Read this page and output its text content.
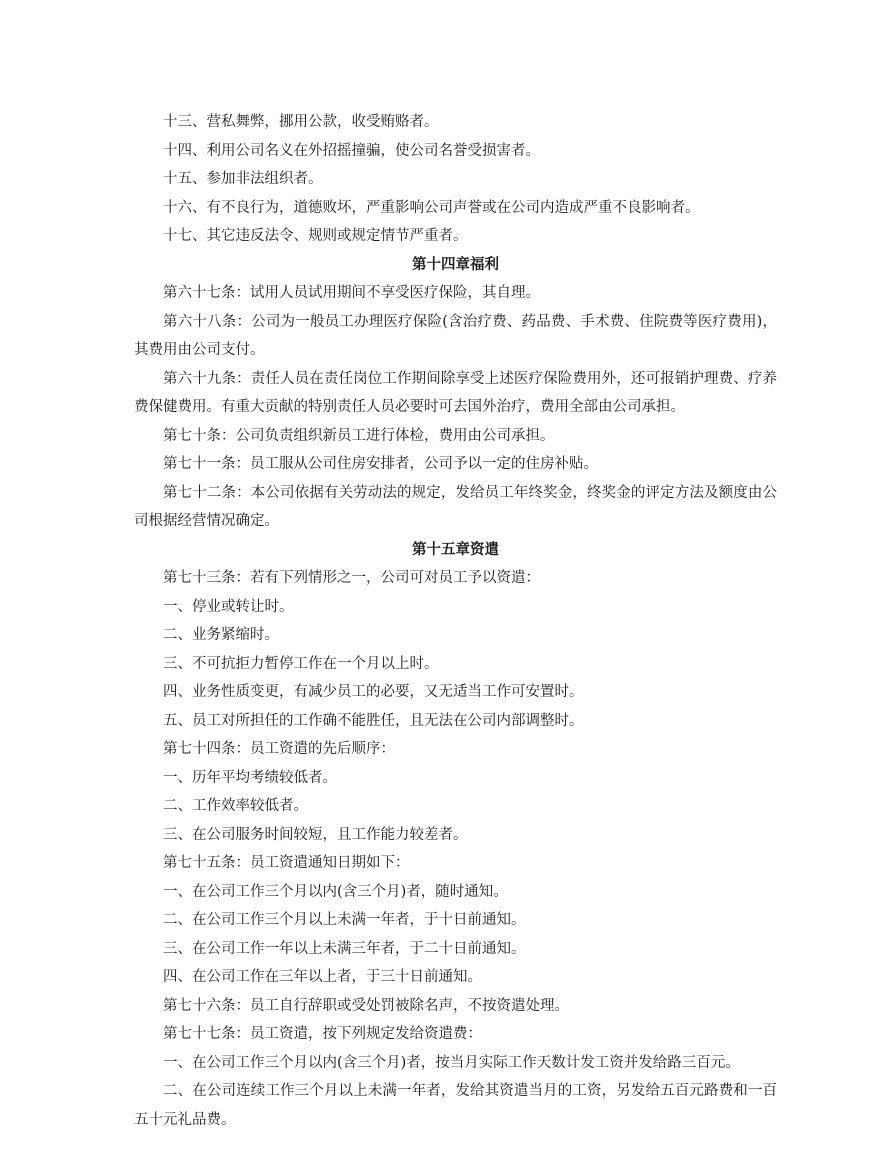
十三、营私舞弊，挪用公款，收受贿赂者。

十四、利用公司名义在外招摇撞骗，使公司名誉受损害者。

十五、参加非法组织者。

十六、有不良行为，道德败坏，严重影响公司声誉或在公司内造成严重不良影响者。

十七、其它违反法令、规则或规定情节严重者。

第十四章福利

第六十七条：试用人员试用期间不享受医疗保险，其自理。

第六十八条：公司为一般员工办理医疗保险(含治疗费、药品费、手术费、住院费等医疗费用)，其费用由公司支付。

第六十九条：责任人员在责任岗位工作期间除享受上述医疗保险费用外，还可报销护理费、疗养费保健费用。有重大贡献的特别责任人员必要时可去国外治疗，费用全部由公司承担。

第七十条：公司负责组织新员工进行体检，费用由公司承担。

第七十一条：员工服从公司住房安排者，公司予以一定的住房补贴。

第七十二条：本公司依据有关劳动法的规定，发给员工年终奖金，终奖金的评定方法及额度由公司根据经营情况确定。

第十五章资遣

第七十三条：若有下列情形之一，公司可对员工予以资遣：

一、停业或转让时。

二、业务紧缩时。

三、不可抗拒力暂停工作在一个月以上时。

四、业务性质变更，有减少员工的必要，又无适当工作可安置时。

五、员工对所担任的工作确不能胜任，且无法在公司内部调整时。

第七十四条：员工资遣的先后顺序：

一、历年平均考绩较低者。

二、工作效率较低者。

三、在公司服务时间较短，且工作能力较差者。

第七十五条：员工资遣通知日期如下：

一、在公司工作三个月以内(含三个月)者，随时通知。

二、在公司工作三个月以上未满一年者，于十日前通知。

三、在公司工作一年以上未满三年者，于二十日前通知。

四、在公司工作在三年以上者，于三十日前通知。

第七十六条：员工自行辞职或受处罚被除名声，不按资遣处理。

第七十七条：员工资遣，按下列规定发给资遣费：

一、在公司工作三个月以内(含三个月)者，按当月实际工作天数计发工资并发给路三百元。

二、在公司连续工作三个月以上未满一年者，发给其资遣当月的工资，另发给五百元路费和一百五十元礼品费。
